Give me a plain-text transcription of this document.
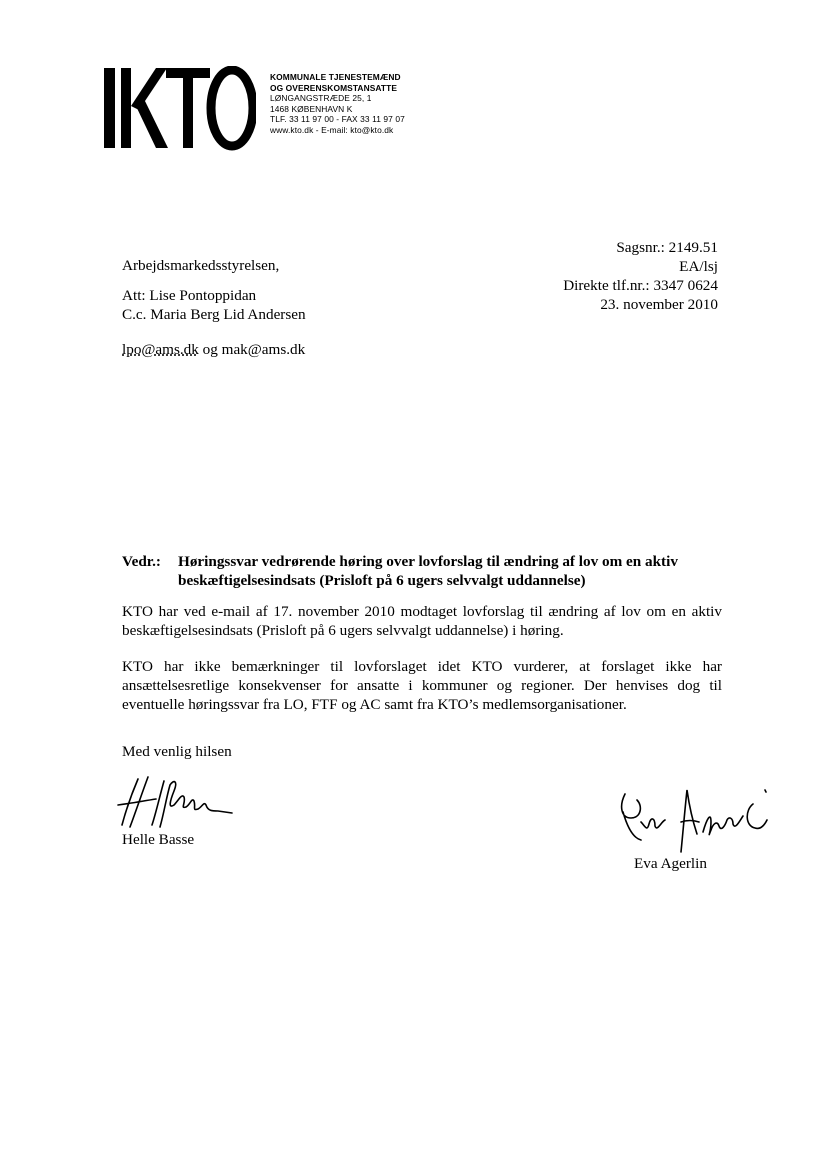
KOMMUNALE TJENESTEMÆND
OG OVERENSKOMSTANSATTE
LØNGANGSTRÆDE 25, 1
1468 KØBENHAVN K
TLF. 33 11 97 00 - FAX 33 11 97 07
www.kto.dk - E-mail: kto@kto.dk
Arbejdsmarkedsstyrelsen,
Att: Lise Pontoppidan
C.c. Maria Berg Lid Andersen
lpo@ams.dk og mak@ams.dk
Sagsnr.: 2149.51
EA/lsj
Direkte tlf.nr.: 3347 0624
23. november 2010
Vedr.: Høringssvar vedrørende høring over lovforslag til ændring af lov om en aktiv beskæftigelsesindsats (Prisloft på 6 ugers selvvalgt uddannelse)
KTO har ved e-mail af 17. november 2010 modtaget lovforslag til ændring af lov om en aktiv beskæftigelsesindsats (Prisloft på 6 ugers selvvalgt uddannelse) i høring.
KTO har ikke bemærkninger til lovforslaget idet KTO vurderer, at forslaget ikke har ansættelsesretlige konsekvenser for ansatte i kommuner og regioner. Der henvises dog til eventuelle høringssvar fra LO, FTF og AC samt fra KTO’s medlemsorganisationer.
Med venlig hilsen
Helle Basse
Eva Agerlin
